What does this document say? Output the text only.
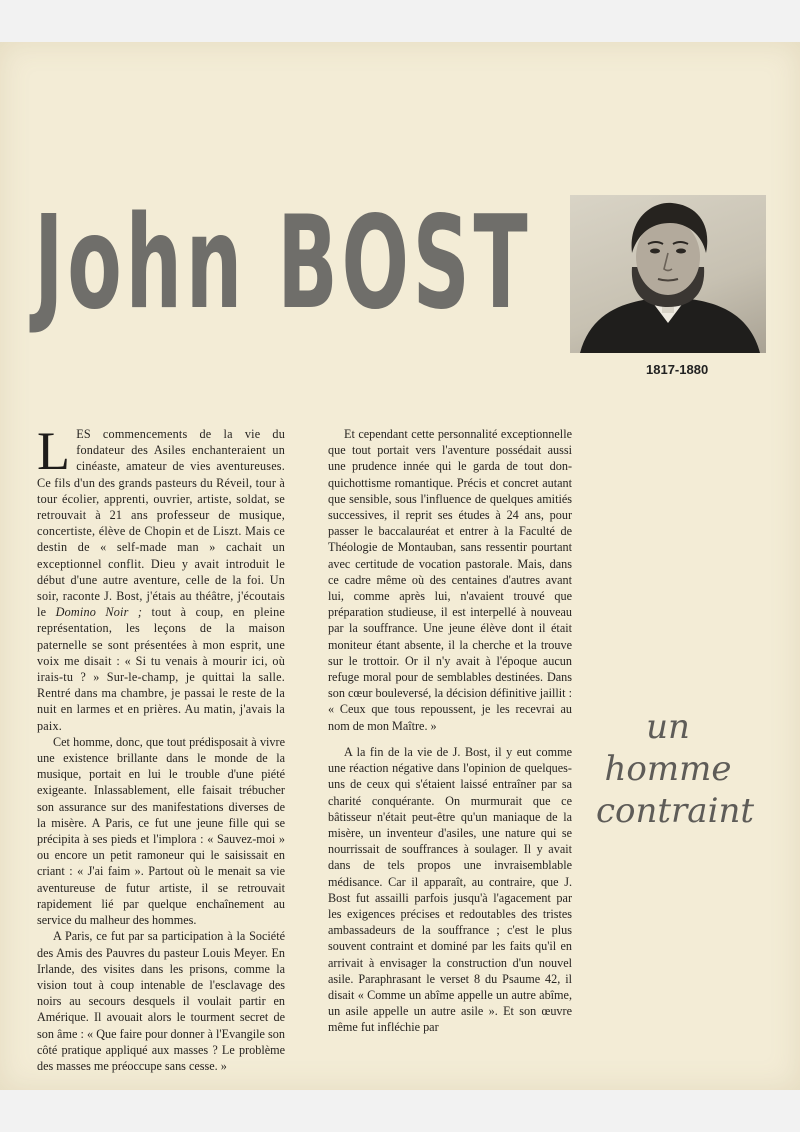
John BOST
1817-1880

LES commencements de la vie du fondateur des Asiles enchanteraient un cinéaste, amateur de vies aventureuses. Ce fils d'un des grands pasteurs du Réveil, tour à tour écolier, apprenti, ouvrier, artiste, soldat, se retrouvait à 21 ans professeur de musique, concertiste, élève de Chopin et de Liszt. Mais ce destin de « self-made man » cachait un exceptionnel conflit. Dieu y avait introduit le début d'une autre aventure, celle de la foi. Un soir, raconte J. Bost, j'étais au théâtre, j'écoutais le Domino Noir ; tout à coup, en pleine représentation, les leçons de la maison paternelle se sont présentées à mon esprit, une voix me disait : « Si tu venais à mourir ici, où irais-tu ? » Sur-le-champ, je quittai la salle. Rentré dans ma chambre, je passai le reste de la nuit en larmes et en prières. Au matin, j'avais la paix.

Cet homme, donc, que tout prédisposait à vivre une existence brillante dans le monde de la musique, portait en lui le trouble d'une piété exigeante. Inlassablement, elle faisait trébucher son assurance sur des manifestations diverses de la misère. A Paris, ce fut une jeune fille qui se précipita à ses pieds et l'implora : « Sauvez-moi » ou encore un petit ramoneur qui le saisissait en criant : « J'ai faim ». Partout où le menait sa vie aventureuse de futur artiste, il se retrouvait rapidement lié par quelque enchaînement au service du malheur des hommes.

A Paris, ce fut par sa participation à la Société des Amis des Pauvres du pasteur Louis Meyer. En Irlande, des visites dans les prisons, comme la vision tout à coup intenable de l'esclavage des noirs au secours desquels il voulait partir en Amérique. Il avouait alors le tourment secret de son âme : « Que faire pour donner à l'Evangile son côté pratique appliqué aux masses ? Le problème des masses me préoccupe sans cesse. »

Et cependant cette personnalité exceptionnelle que tout portait vers l'aventure possédait aussi une prudence innée qui le garda de tout don-quichottisme romantique. Précis et concret autant que sensible, sous l'influence de quelques amitiés successives, il reprit ses études à 24 ans, pour passer le baccalauréat et entrer à la Faculté de Théologie de Montauban, sans ressentir pourtant avec certitude de vocation pastorale. Mais, dans ce cadre même où des centaines d'autres avant lui, comme après lui, n'avaient trouvé que préparation studieuse, il est interpellé à nouveau par la souffrance. Une jeune élève dont il était moniteur étant absente, il la cherche et la trouve sur le trottoir. Or il n'y avait à l'époque aucun refuge moral pour de semblables destinées. Dans son cœur bouleversé, la décision définitive jaillit : « Ceux que tous repoussent, je les recevrai au nom de mon Maître. »

A la fin de la vie de J. Bost, il y eut comme une réaction négative dans l'opinion de quelques-uns de ceux qui s'étaient laissé entraîner par sa charité conquérante. On murmurait que ce bâtisseur n'était peut-être qu'un maniaque de la misère, un inventeur d'asiles, une nature qui se nourrissait de souffrances à soulager. Il y avait dans de tels propos une invraisemblable médisance. Car il apparaît, au contraire, que J. Bost fut assailli parfois jusqu'à l'agacement par les exigences précises et redoutables des tristes ambassadeurs de la souffrance ; c'est le plus souvent contraint et dominé par les faits qu'il en arrivait à envisager la construction d'un nouvel asile. Paraphrasant le verset 8 du Psaume 42, il disait « Comme un abîme appelle un autre abîme, un asile appelle un autre asile ». Et son œuvre même fut infléchie par

un homme
contraint
